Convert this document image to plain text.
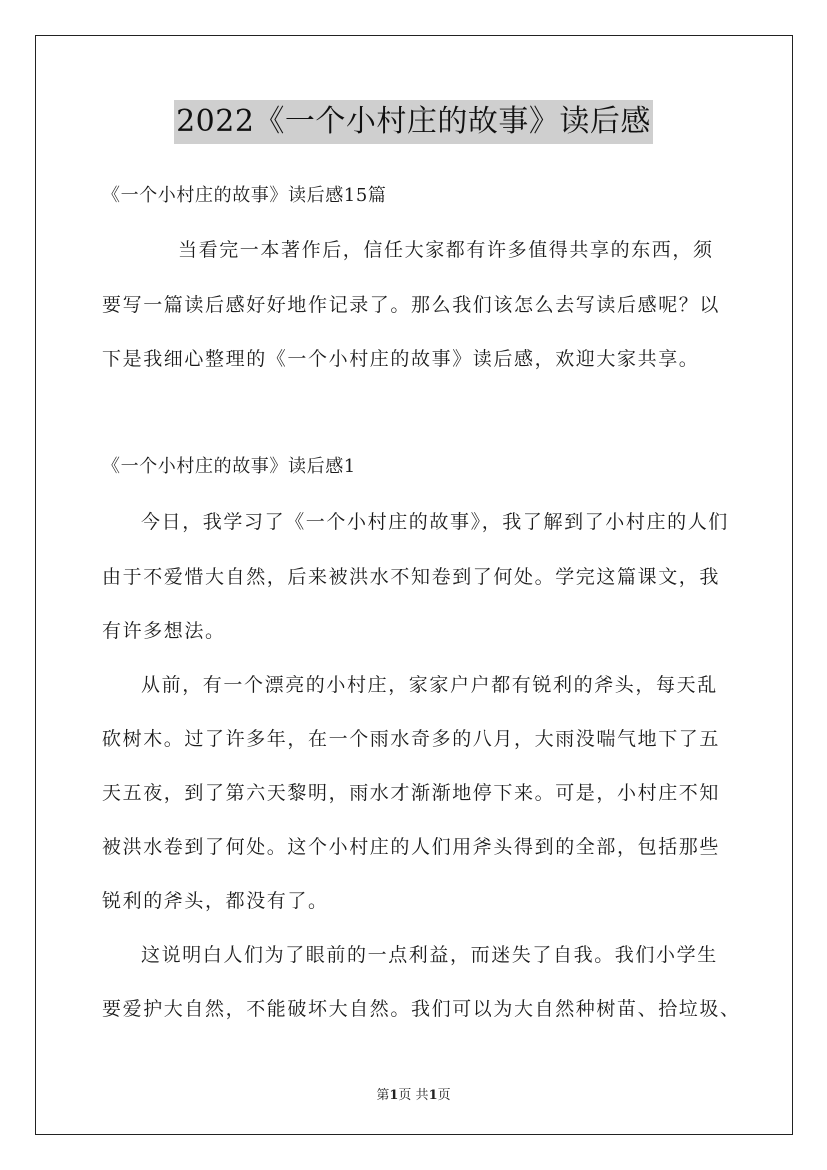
2022《一个小村庄的故事》读后感
《一个小村庄的故事》读后感15篇
当看完一本著作后，信任大家都有许多值得共享的东西，须
要写一篇读后感好好地作记录了。那么我们该怎么去写读后感呢？以
下是我细心整理的《一个小村庄的故事》读后感，欢迎大家共享。
《一个小村庄的故事》读后感1
今日，我学习了《一个小村庄的故事》，我了解到了小村庄的人们
由于不爱惜大自然，后来被洪水不知卷到了何处。学完这篇课文，我
有许多想法。
从前，有一个漂亮的小村庄，家家户户都有锐利的斧头，每天乱
砍树木。过了许多年，在一个雨水奇多的八月，大雨没喘气地下了五
天五夜，到了第六天黎明，雨水才渐渐地停下来。可是，小村庄不知
被洪水卷到了何处。这个小村庄的人们用斧头得到的全部，包括那些
锐利的斧头，都没有了。
这说明白人们为了眼前的一点利益，而迷失了自我。我们小学生
要爱护大自然，不能破坏大自然。我们可以为大自然种树苗、拾垃圾、
第1页 共1页
